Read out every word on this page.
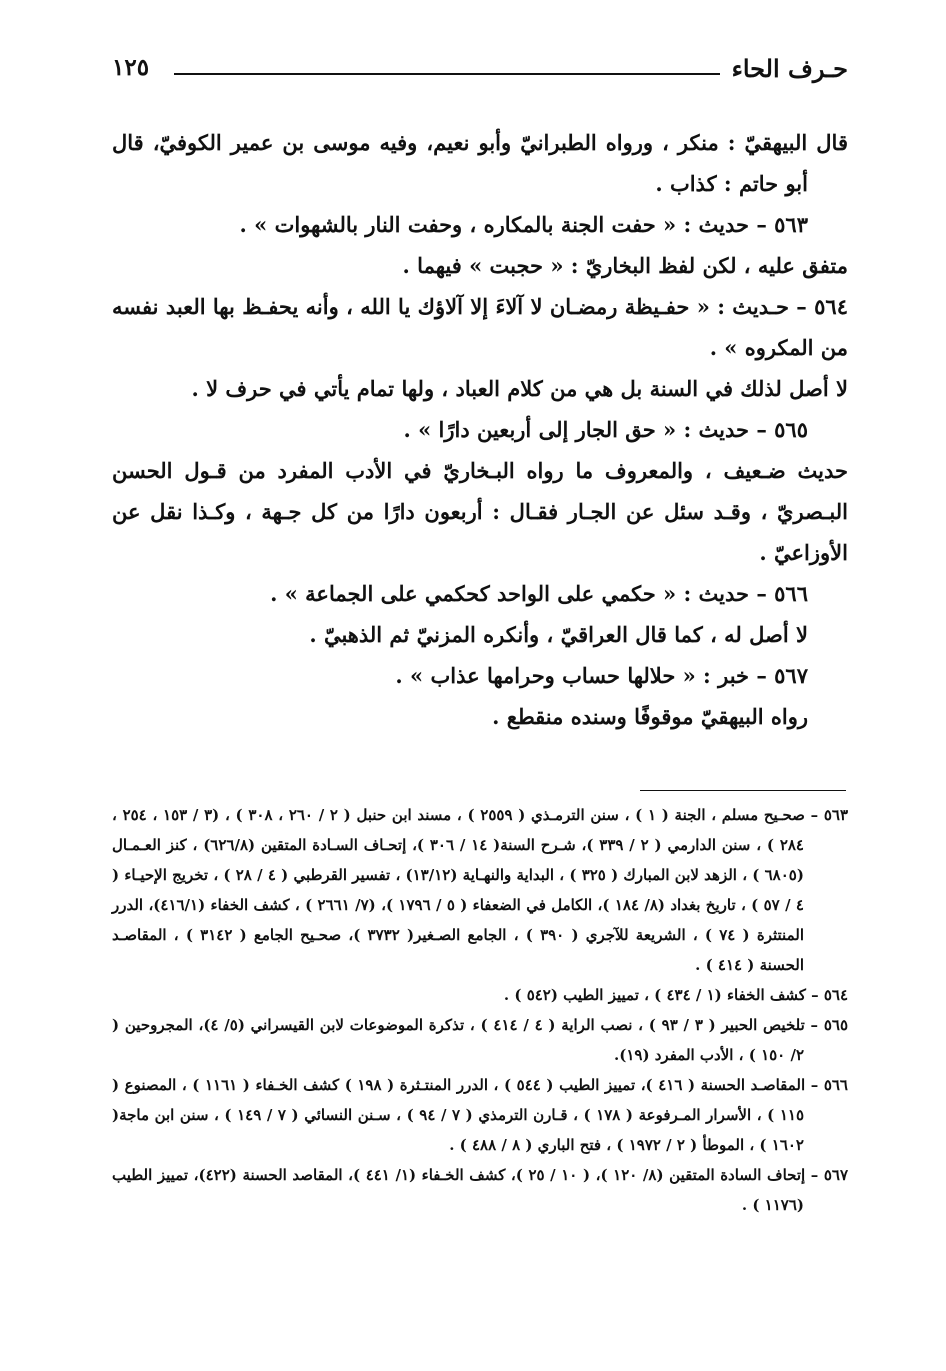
حـرف الحاء
١٢٥
قال البيهقيّ : منكر ، ورواه الطبرانيّ وأبو نعيم، وفيه موسى بن عمير الكوفيّ، قال أبو حاتم : كذاب .
٥٦٣ – حديث : « حفت الجنة بالمكاره ، وحفت النار بالشهوات » .
متفق عليه ، لكن لفظ البخاريّ : « حجبت » فيهما .
٥٦٤ – حـديث : « حفـيظة رمضـان لا آلاءَ إلا آلاؤك يا الله ، وأنه يحفـظ بها العبد نفسه من المكروه » .
لا أصل لذلك في السنة بل هي من كلام العباد ، ولها تمام يأتي في حرف لا .
٥٦٥ – حديث : « حق الجار إلى أربعين دارًا » .
حديث ضـعيف ، والمعروف ما رواه البـخاريّ في الأدب المفرد من قـول الحسن البـصريّ ، وقـد سئل عن الجـار فقـال : أربعون دارًا من كل جـهة ، وكـذا نقل عن الأوزاعيّ .
٥٦٦ – حديث : « حكمي على الواحد كحكمي على الجماعة » .
لا أصل له ، كما قال العراقيّ ، وأنكره المزنيّ ثم الذهبيّ .
٥٦٧ – خبر : « حلالها حساب وحرامها عذاب » .
رواه البيهقيّ موقوفًا وسنده منقطع .
٥٦٣ – صحـيح مسلم ، الجنة ( ١ ) ، سنن الترمـذي ( ٢٥٥٩ ) ، مسند ابن حنبل ( ٢ / ٢٦٠ ، ٣٠٨ ) ، (٣ / ١٥٣ ، ٢٥٤ ، ٢٨٤ ) ، سنن الدارمي ( ٢ / ٣٣٩ )، شـرح السنة( ١٤ / ٣٠٦ )، إتحـاف السـادة المتقين (٦٢٦/٨) ، كنز العـمـال (٦٨٠٥ ) ، الزهد لابن المبارك ( ٣٢٥ ) ، البداية والنهـاية (١٣/١٢) ، تفسير القرطبي ( ٤ / ٢٨ ) ، تخريج الإحيـاء ( ٤ / ٥٧ ) ، تاريخ بغداد (٨/ ١٨٤ )، الكامل في الضعفاء ( ٥ / ١٧٩٦ )، (٧/ ٢٦٦١ ) ، كشف الخفاء (٤١٦/١)، الدرر المنتثرة ( ٧٤ ) ، الشريعة للآجري ( ٣٩٠ ) ، الجامع الصـغير( ٣٧٣٢ )، صحـيح الجامع ( ٣١٤٢ ) ، المقاصـد الحسنة ( ٤١٤ ) .
٥٦٤ – كشف الخفاء (١ / ٤٣٤ ) ، تمييز الطيب (٥٤٢ ) .
٥٦٥ – تلخيص الحبير ( ٣ / ٩٣ ) ، نصب الراية ( ٤ / ٤١٤ ) ، تذكرة الموضوعات لابن القيسراني (٥/ ٤)، المجروحين ( ٢/ ١٥٠ ) ، الأدب المفرد (١٩).
٥٦٦ – المقاصـد الحسنة ( ٤١٦ )، تمييز الطيب ( ٥٤٤ ) ، الدرر المنتـثرة ( ١٩٨ ) كشف الخـفاء ( ١١٦١ ) ، المصنوع ( ١١٥ ) ، الأسرار المـرفوعة ( ١٧٨ ) ، قـارن الترمذي ( ٧ / ٩٤ ) ، سـنن النسائي ( ٧ / ١٤٩ ) ، سنن ابن ماجة( ١٦٠٢ ) ، الموطأ ( ٢ / ١٩٧٢ ) ، فتح الباري ( ٨ / ٤٨٨ ) .
٥٦٧ – إتحاف السادة المتقين (٨/ ١٢٠ )، ( ١٠ / ٢٥ )، كشف الخـفاء (١/ ٤٤١ )، المقاصد الحسنة (٤٢٢)، تمييز الطيب (١١٧٦ ) .
